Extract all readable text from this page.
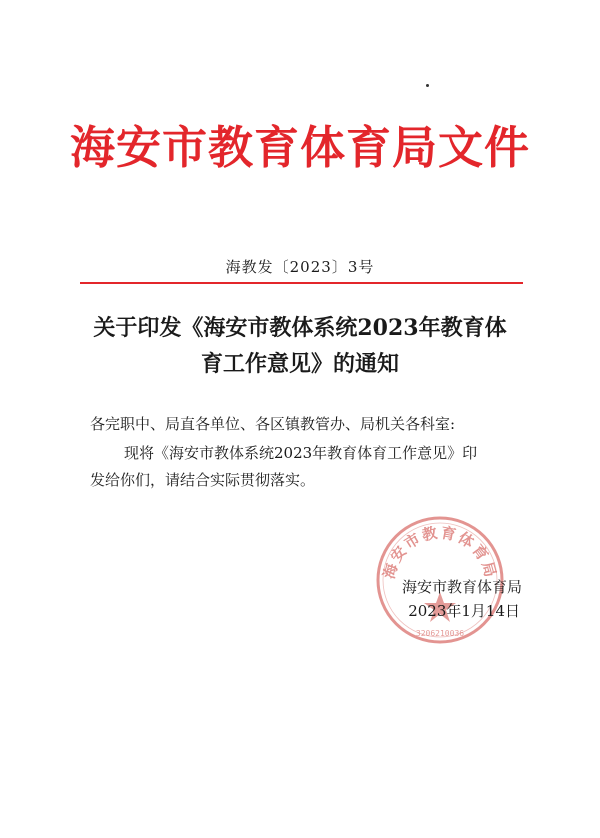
海安市教育体育局文件
海教发〔2023〕3号
关于印发《海安市教体系统2023年教育体
育工作意见》的通知
各完职中、局直各单位、各区镇教管办、局机关各科室:
现将《海安市教体系统2023年教育体育工作意见》印
发给你们，请结合实际贯彻落实。
海安市教育体育局
3206210036
海安市教育体育局
2023年1月14日
